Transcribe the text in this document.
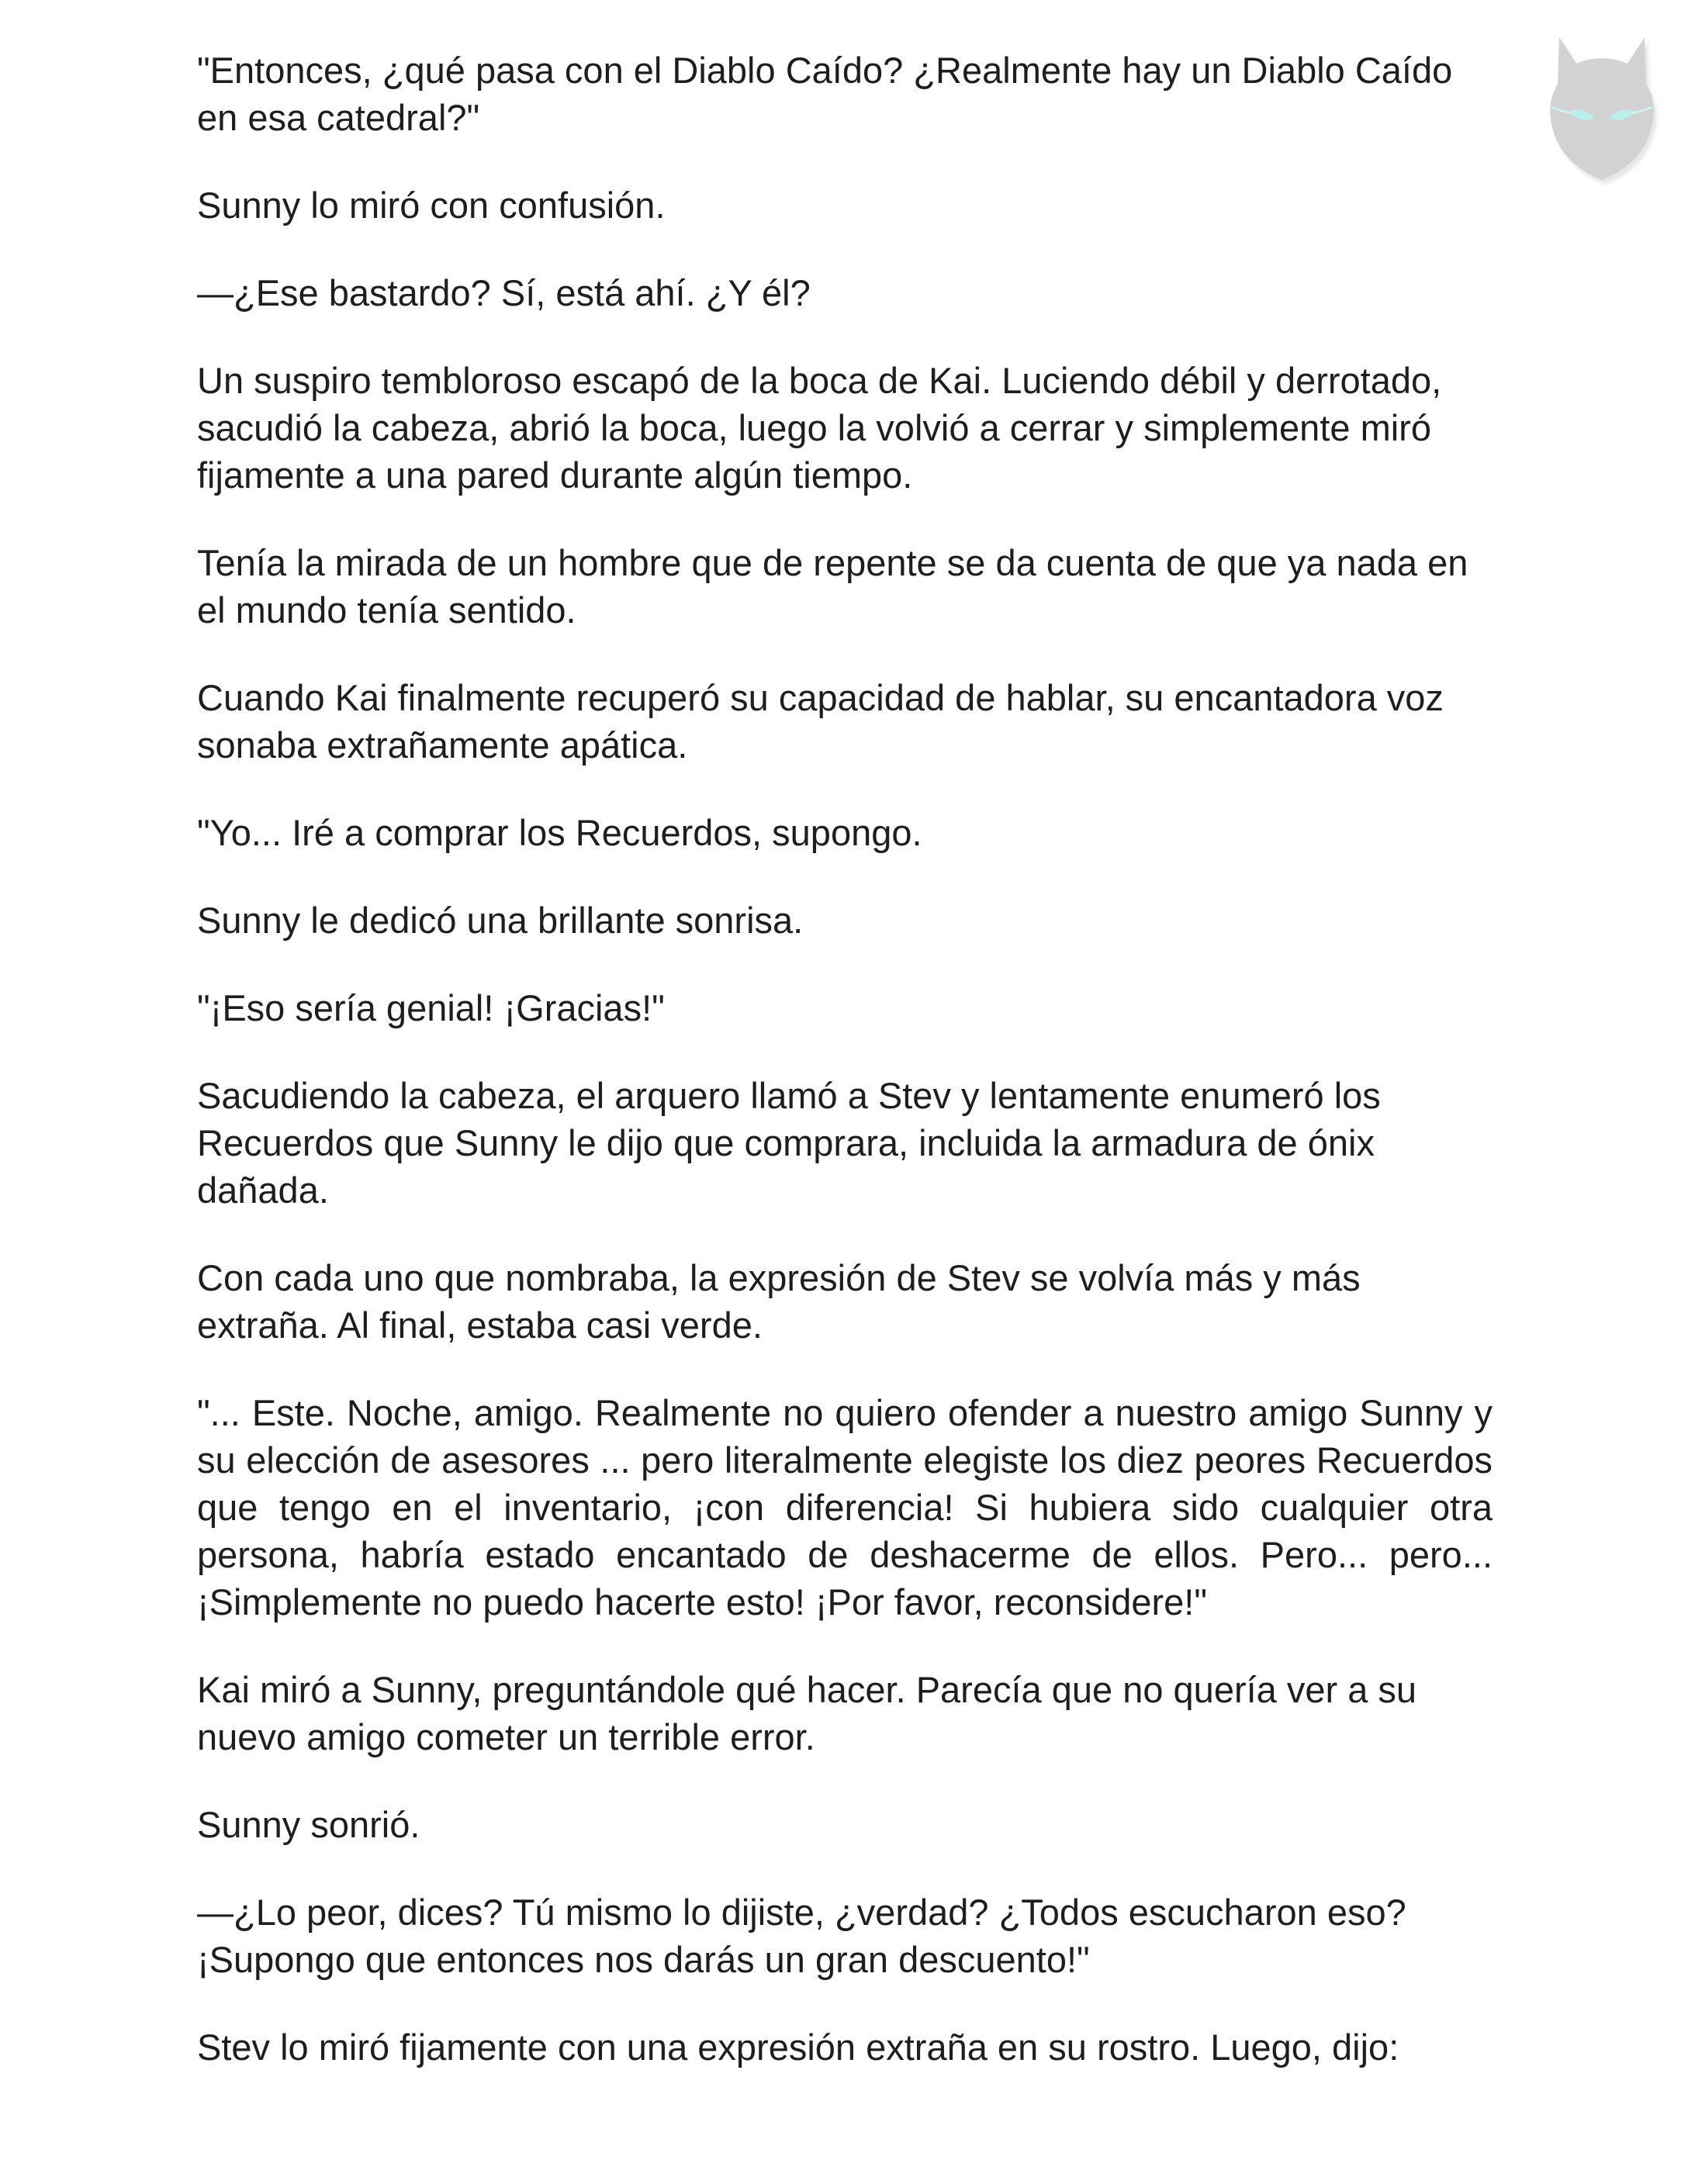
"Entonces, ¿qué pasa con el Diablo Caído? ¿Realmente hay un Diablo Caído en esa catedral?"

Sunny lo miró con confusión.

—¿Ese bastardo? Sí, está ahí. ¿Y él?

Un suspiro tembloroso escapó de la boca de Kai. Luciendo débil y derrotado, sacudió la cabeza, abrió la boca, luego la volvió a cerrar y simplemente miró fijamente a una pared durante algún tiempo.

Tenía la mirada de un hombre que de repente se da cuenta de que ya nada en el mundo tenía sentido.

Cuando Kai finalmente recuperó su capacidad de hablar, su encantadora voz sonaba extrañamente apática.

"Yo... Iré a comprar los Recuerdos, supongo.

Sunny le dedicó una brillante sonrisa.

"¡Eso sería genial! ¡Gracias!"

Sacudiendo la cabeza, el arquero llamó a Stev y lentamente enumeró los Recuerdos que Sunny le dijo que comprara, incluida la armadura de ónix dañada.

Con cada uno que nombraba, la expresión de Stev se volvía más y más extraña. Al final, estaba casi verde.

"... Este. Noche, amigo. Realmente no quiero ofender a nuestro amigo Sunny y su elección de asesores ... pero literalmente elegiste los diez peores Recuerdos que tengo en el inventario, ¡con diferencia! Si hubiera sido cualquier otra persona, habría estado encantado de deshacerme de ellos. Pero... pero... ¡Simplemente no puedo hacerte esto! ¡Por favor, reconsidere!"

Kai miró a Sunny, preguntándole qué hacer. Parecía que no quería ver a su nuevo amigo cometer un terrible error.

Sunny sonrió.

—¿Lo peor, dices? Tú mismo lo dijiste, ¿verdad? ¿Todos escucharon eso? ¡Supongo que entonces nos darás un gran descuento!"

Stev lo miró fijamente con una expresión extraña en su rostro. Luego, dijo:
